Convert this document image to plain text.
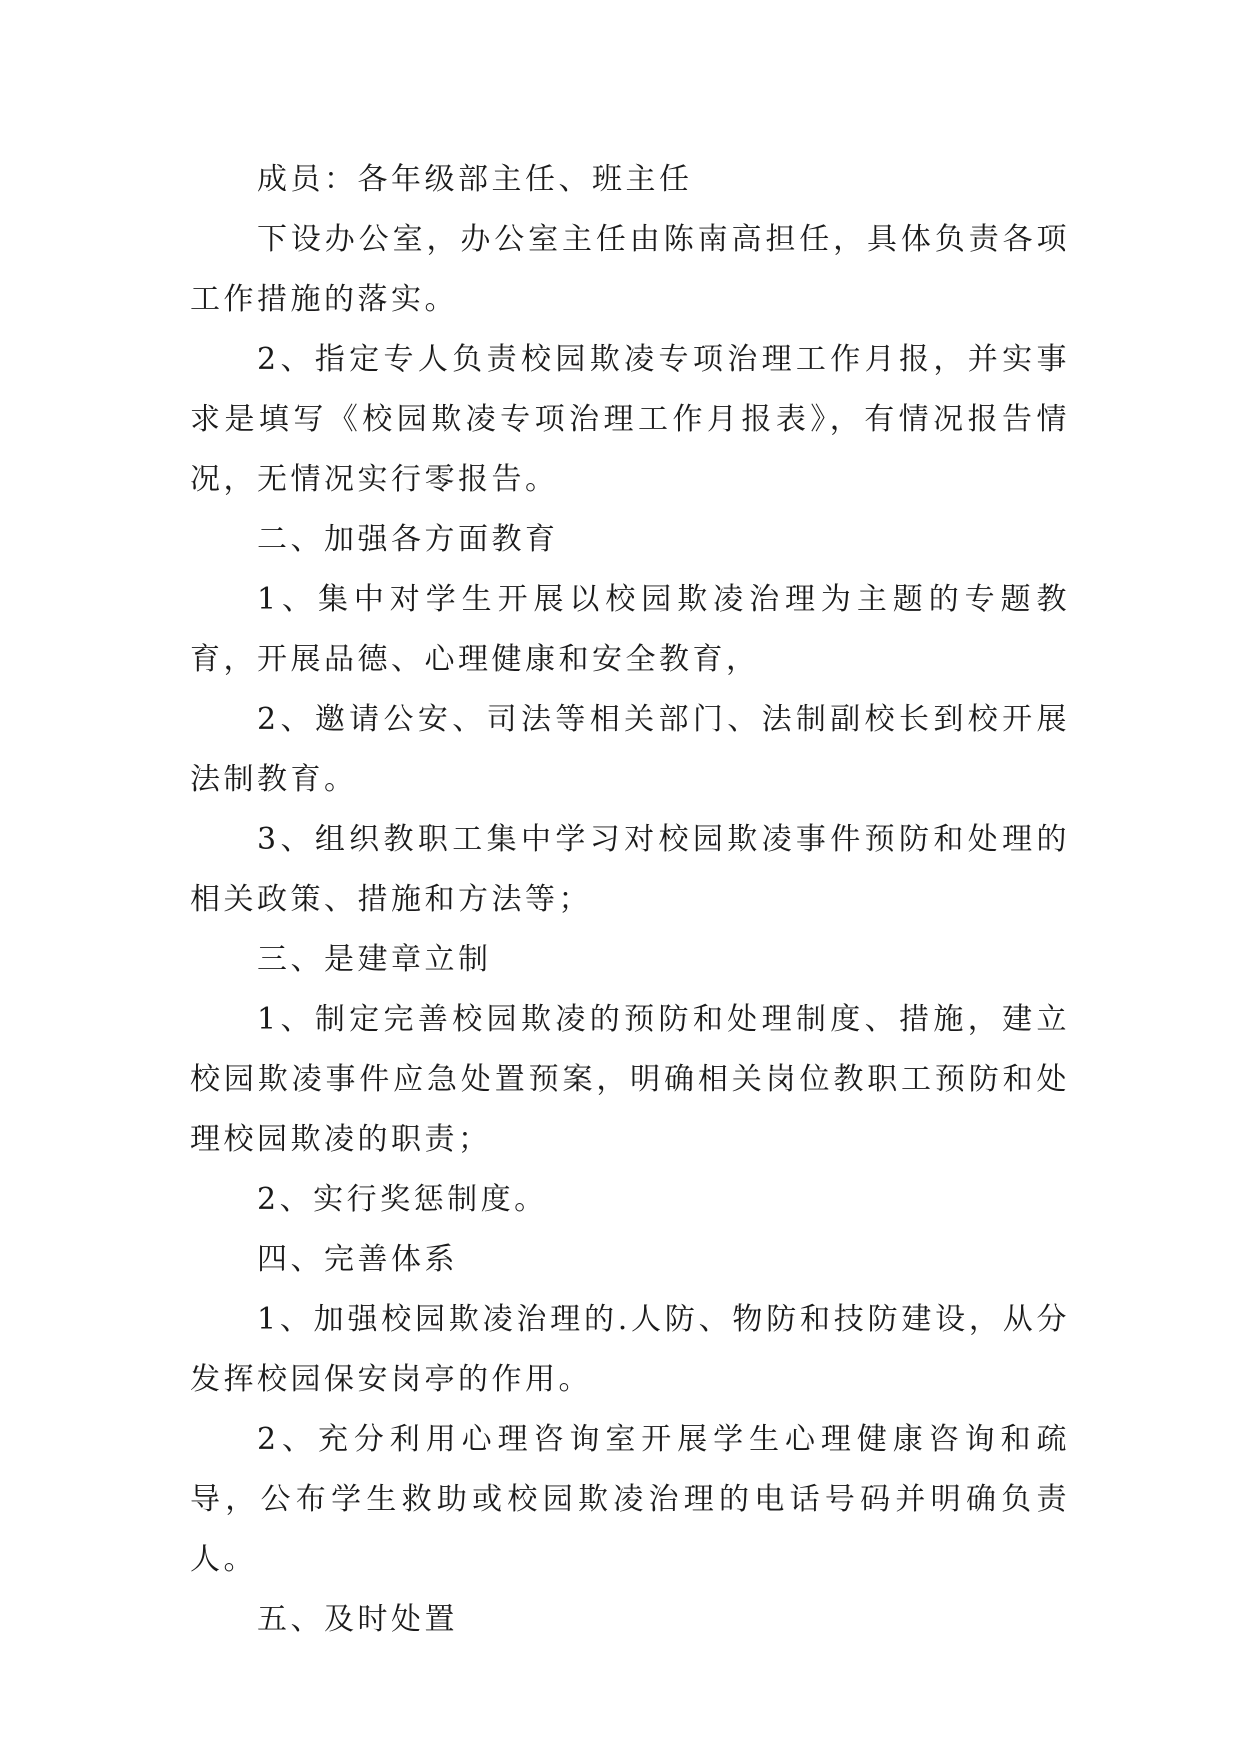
成员：各年级部主任、班主任

下设办公室，办公室主任由陈南高担任，具体负责各项工作措施的落实。

2、指定专人负责校园欺凌专项治理工作月报，并实事求是填写《校园欺凌专项治理工作月报表》，有情况报告情况，无情况实行零报告。

二、加强各方面教育

1、集中对学生开展以校园欺凌治理为主题的专题教育，开展品德、心理健康和安全教育，

2、邀请公安、司法等相关部门、法制副校长到校开展法制教育。

3、组织教职工集中学习对校园欺凌事件预防和处理的相关政策、措施和方法等；

三、是建章立制

1、制定完善校园欺凌的预防和处理制度、措施，建立校园欺凌事件应急处置预案，明确相关岗位教职工预防和处理校园欺凌的职责；

2、实行奖惩制度。

四、完善体系

1、加强校园欺凌治理的.人防、物防和技防建设，从分发挥校园保安岗亭的作用。

2、充分利用心理咨询室开展学生心理健康咨询和疏导，公布学生救助或校园欺凌治理的电话号码并明确负责人。

五、及时处置
